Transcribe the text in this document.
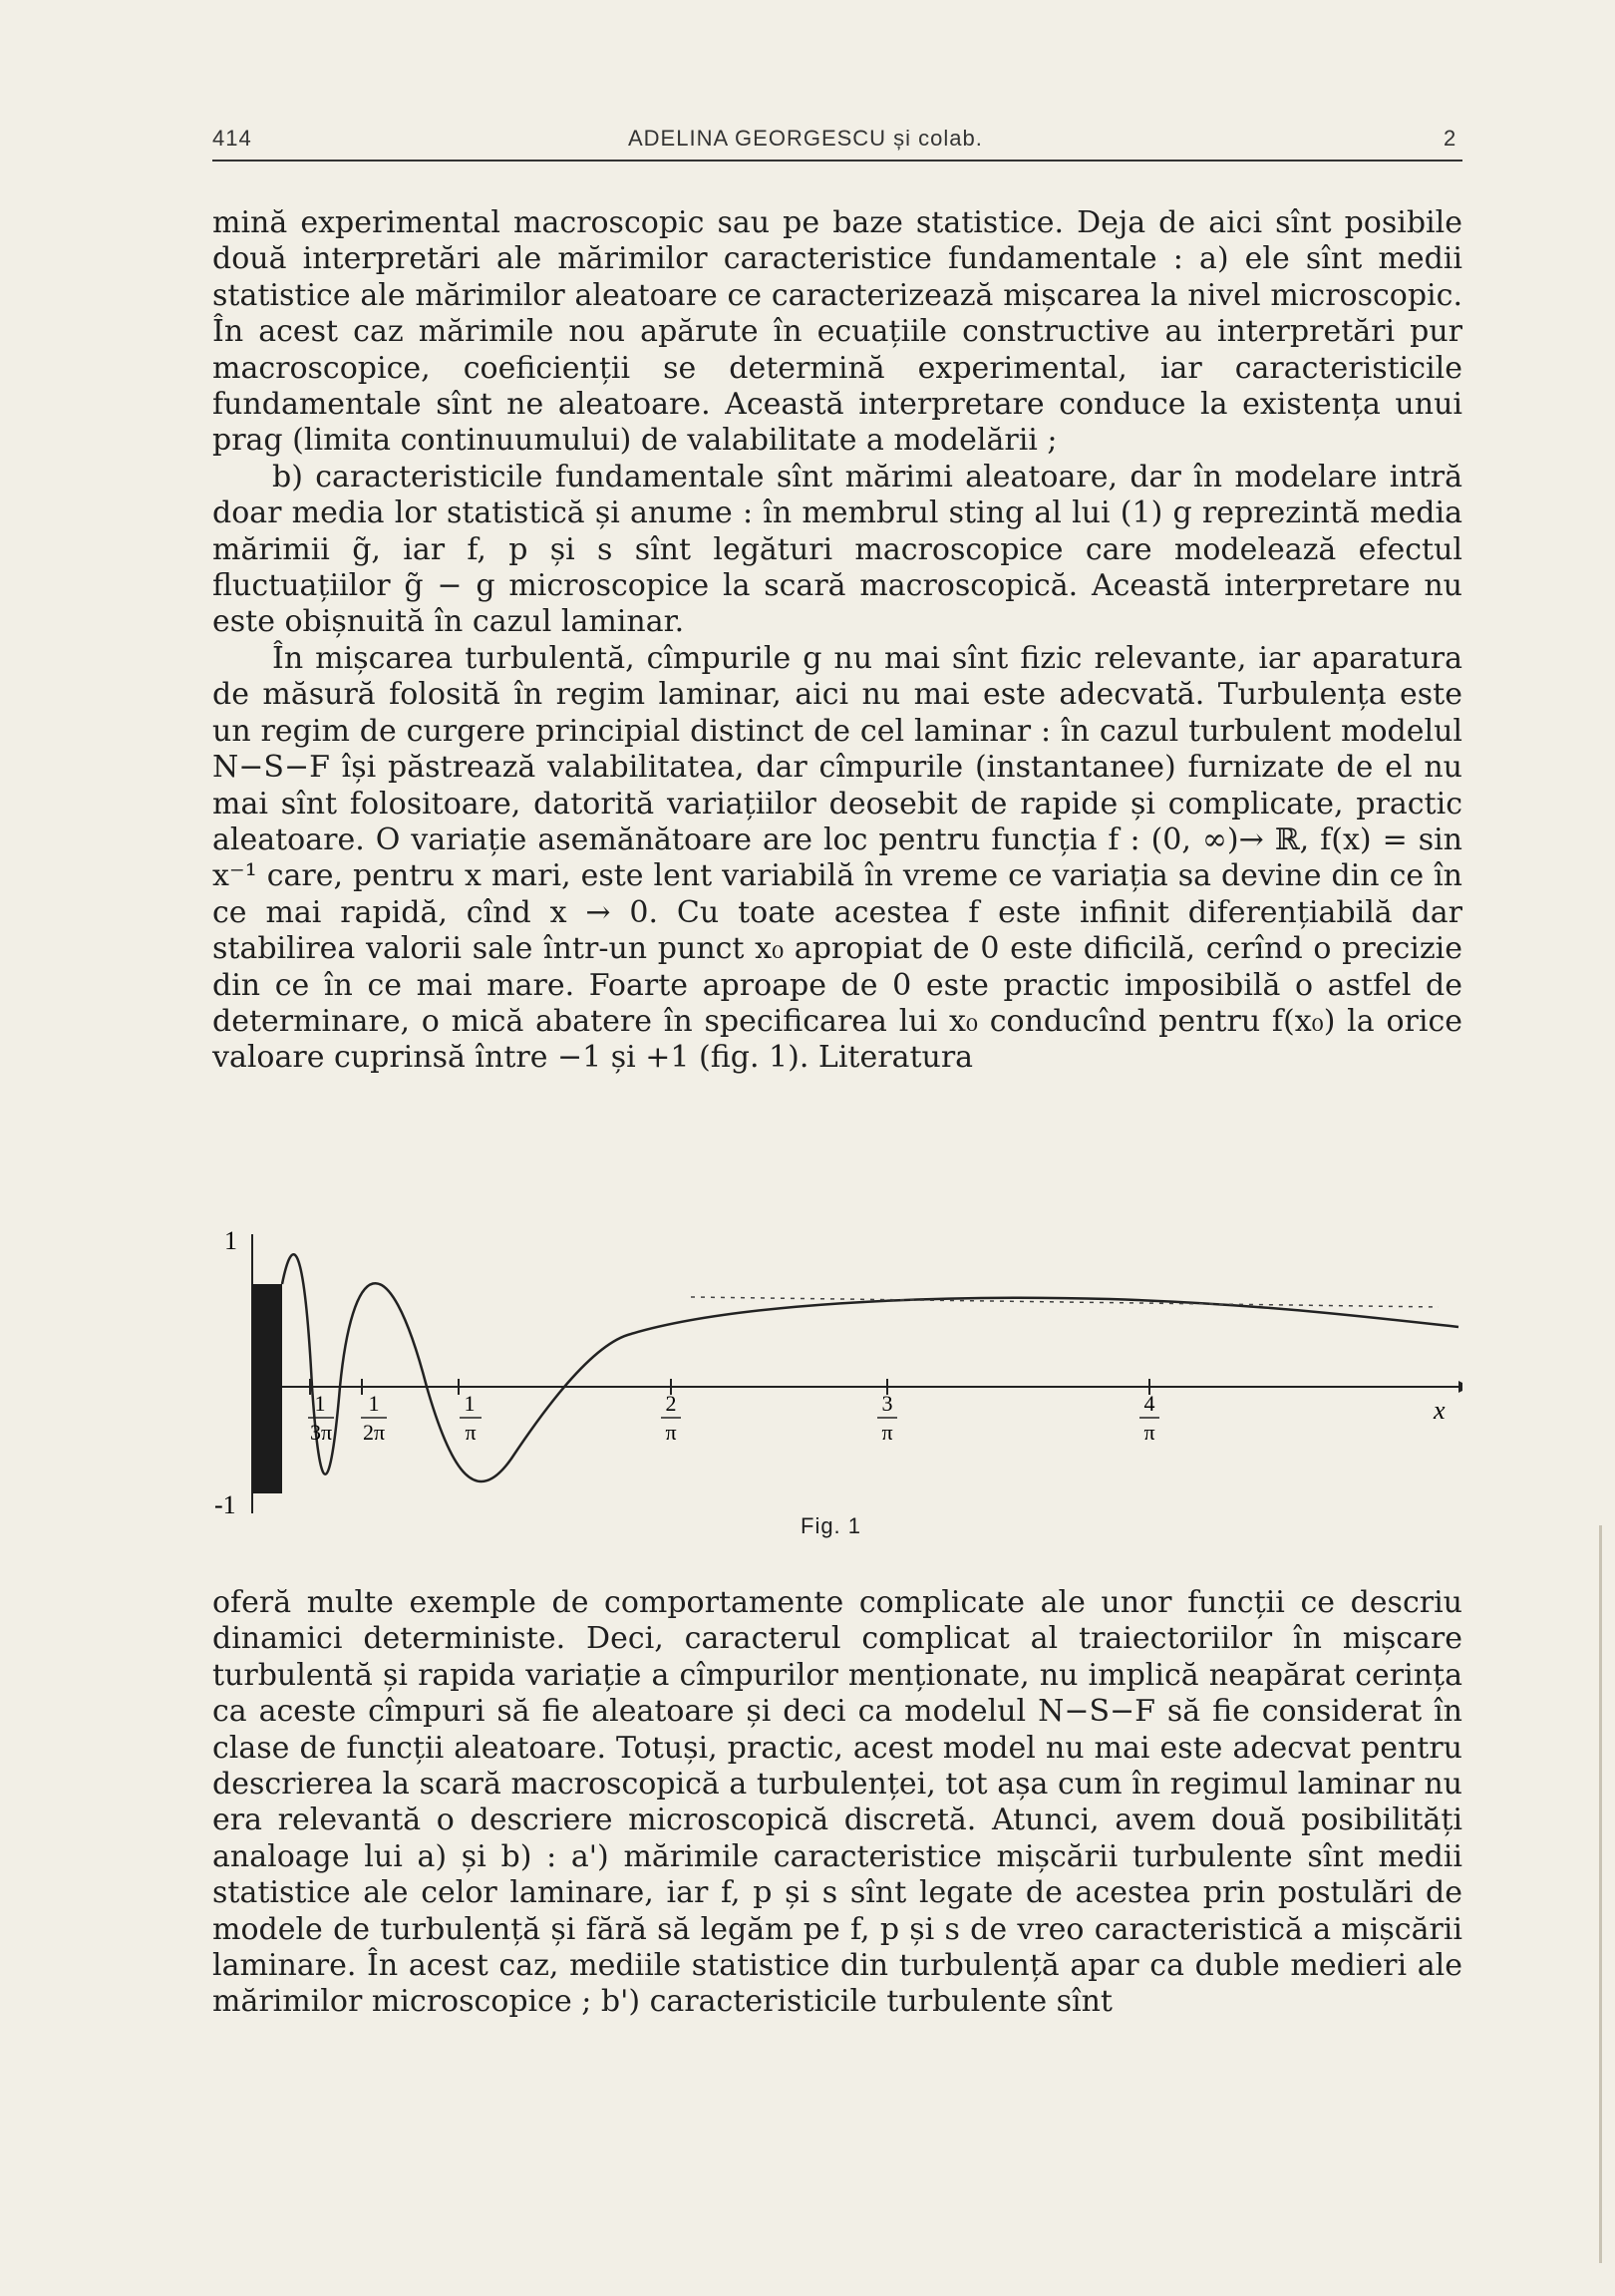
414	ADELINA GEORGESCU și colab.	2

mină experimental macroscopic sau pe baze statistice. Deja de aici sînt posibile două interpretări ale mărimilor caracteristice fundamentale : a) ele sînt medii statistice ale mărimilor aleatoare ce caracterizează mișcarea la nivel microscopic. În acest caz mărimile nou apărute în ecuațiile constructive au interpretări pur macroscopice, coeficienții se determină experimental, iar caracteristicile fundamentale sînt ne aleatoare. Această interpretare conduce la existența unui prag (limita continuumului) de valabilitate a modelării ;

b) caracteristicile fundamentale sînt mărimi aleatoare, dar în modelare intră doar media lor statistică și anume : în membrul sting al lui (1) g reprezintă media mărimii g̃, iar f, p și s sînt legături macroscopice care modelează efectul fluctuațiilor g̃ − g microscopice la scară macroscopică. Această interpretare nu este obișnuită în cazul laminar.

În mișcarea turbulentă, cîmpurile g nu mai sînt fizic relevante, iar aparatura de măsură folosită în regim laminar, aici nu mai este adecvată. Turbulența este un regim de curgere principial distinct de cel laminar : în cazul turbulent modelul N−S−F își păstrează valabilitatea, dar cîmpurile (instantanee) furnizate de el nu mai sînt folositoare, datorită variațiilor deosebit de rapide și complicate, practic aleatoare. O variație asemănătoare are loc pentru funcția f : (0, ∞)→ ℝ, f(x) = sin x⁻¹ care, pentru x mari, este lent variabilă în vreme ce variația sa devine din ce în ce mai rapidă, cînd x → 0. Cu toate acestea f este infinit diferențiabilă dar stabilirea valorii sale într-un punct x₀ apropiat de 0 este dificilă, cerînd o precizie din ce în ce mai mare. Foarte aproape de 0 este practic imposibilă o astfel de determinare, o mică abatere în specificarea lui x₀ conducînd pentru f(x₀) la orice valoare cuprinsă între −1 și +1 (fig. 1). Literatura

1
-1
x
1
3π
1
2π
1
π
2
π
3
π
4
π
Fig. 1

oferă multe exemple de comportamente complicate ale unor funcții ce descriu dinamici deterministe. Deci, caracterul complicat al traiectoriilor în mișcare turbulentă și rapida variație a cîmpurilor menționate, nu implică neapărat cerința ca aceste cîmpuri să fie aleatoare și deci ca modelul N−S−F să fie considerat în clase de funcții aleatoare. Totuși, practic, acest model nu mai este adecvat pentru descrierea la scară macroscopică a turbulenței, tot așa cum în regimul laminar nu era relevantă o descriere microscopică discretă. Atunci, avem două posibilități analoage lui a) și b) : a') mărimile caracteristice mișcării turbulente sînt medii statistice ale celor laminare, iar f, p și s sînt legate de acestea prin postulări de modele de turbulență și fără să legăm pe f, p și s de vreo caracteristică a mișcării laminare. În acest caz, mediile statistice din turbulență apar ca duble medieri ale mărimilor microscopice ; b') caracteristicile turbulente sînt
